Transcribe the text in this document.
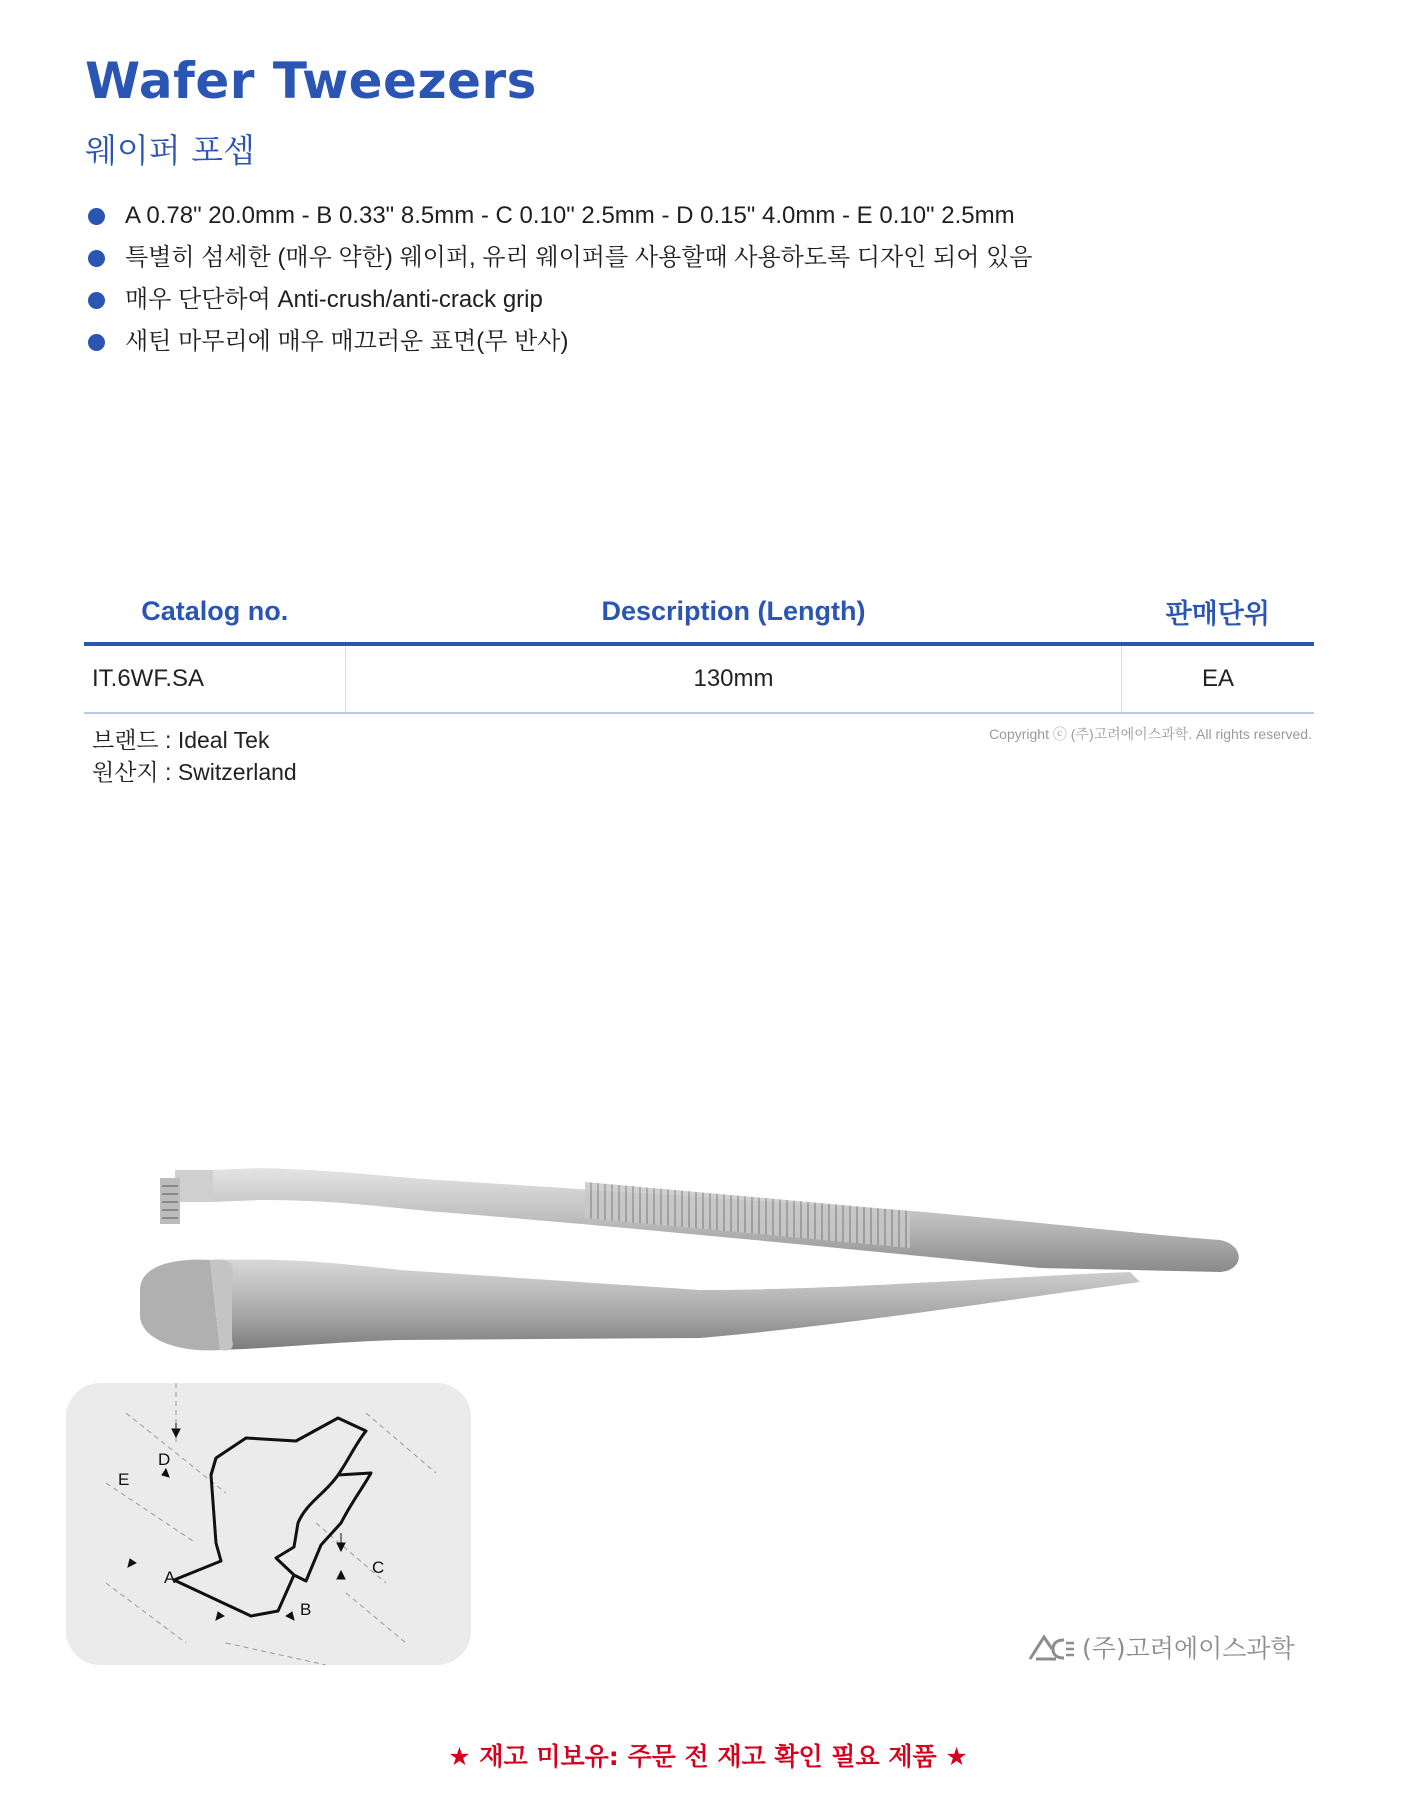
Wafer Tweezers
웨이퍼 포셉
A 0.78" 20.0mm - B 0.33" 8.5mm - C 0.10" 2.5mm - D 0.15" 4.0mm - E 0.10" 2.5mm
특별히 섬세한 (매우 약한) 웨이퍼, 유리 웨이퍼를 사용할때 사용하도록 디자인 되어 있음
매우 단단하여 Anti-crush/anti-crack grip
새틴 마무리에 매우 매끄러운 표면(무 반사)
Catalog no.	Description (Length)	판매단위
IT.6WF.SA	130mm	EA
브랜드 : Ideal Tek
원산지 : Switzerland
Copyright ⓒ (주)고려에이스과학. All rights reserved.
D
E
A
B
C
(주)고려에이스과학
★ 재고 미보유: 주문 전 재고 확인 필요 제품 ★
